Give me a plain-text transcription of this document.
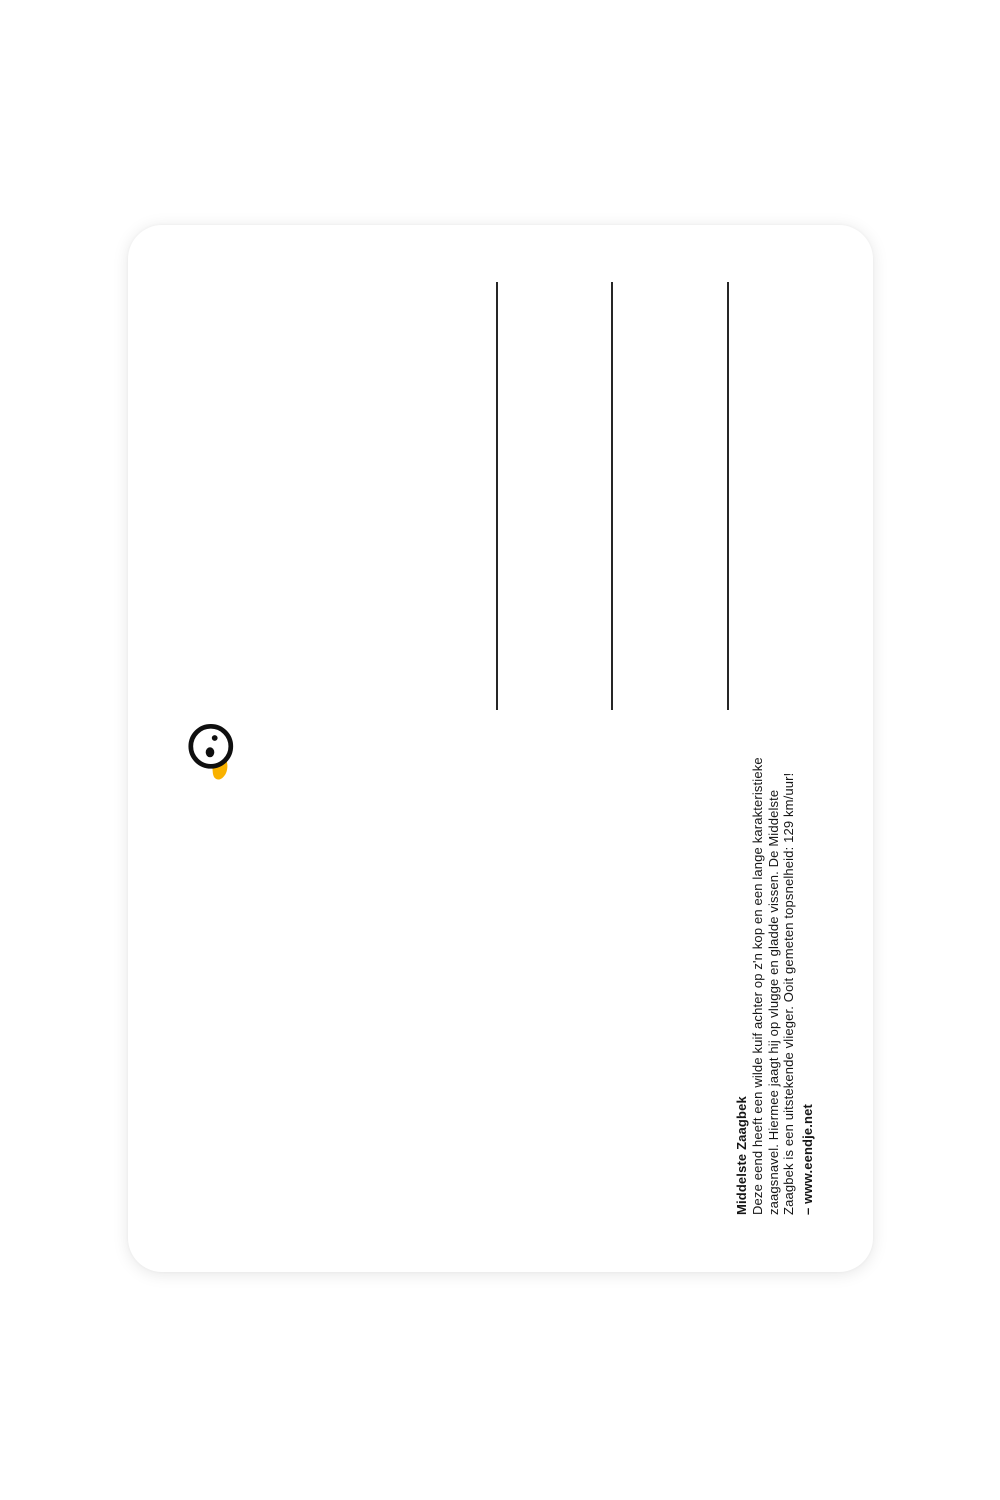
Middelste Zaagbek Deze eend heeft een wilde kuif achter op z'n kop en een lange karakteristieke zaagsnavel. Hiermee jaagt hij op vlugge en gladde vissen. De Middelste Zaagbek is een uitstekende vlieger. Ooit gemeten topsnelheid: 129 km/uur! – www.eendje.net
